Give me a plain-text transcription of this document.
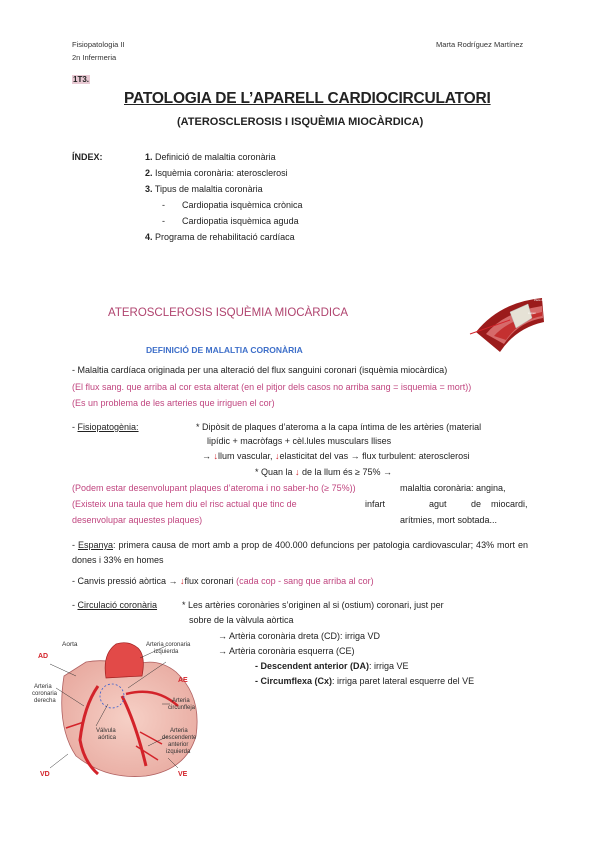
Fisiopatologia II
2n Infermeria
Marta Rodríguez Martínez
1T3.
PATOLOGIA DE L’APARELL CARDIOCIRCULATORI
(ATEROSCLEROSIS I ISQUÈMIA MIOCÀRDICA)
ÍNDEX:	1. Definició de malaltia coronària
2. Isquèmia coronària: aterosclerosi
3. Tipus de malaltia coronària
- Cardiopatia isquèmica crònica
- Cardiopatia isquèmica aguda
4. Programa de rehabilitació cardíaca
ATEROSCLEROSIS ISQUÈMIA MIOCÀRDICA
DEFINICIÓ DE MALALTIA CORONÀRIA
Placa de ateroma
Lumen
- Malaltia cardíaca originada per una alteració del flux sanguini coronari (isquèmia miocàrdica)
(El flux sang. que arriba al cor esta alterat (en el pitjor dels casos no arriba sang = isquemia = mort))
(Es un problema de les arteries que irriguen el cor)
- Fisiopatogènia:	* Dipòsit de plaques d’ateroma a la capa íntima de les artèries (material
lipídic + macròfags + cèl.lules musculars llises
→ ↓llum vascular, ↓elasticitat del vas → flux turbulent: aterosclerosi
* Quan la ↓ de la llum és ≥ 75% →
(Podem estar desenvolupant plaques d’ateroma i no saber-ho (≥ 75%))
(Existeix una taula que hem diu el risc actual que tinc de
desenvolupar aquestes plaques)
malaltia coronària: angina,
infart	agut	de miocardi,
arítmies, mort sobtada...
- Espanya: primera causa de mort amb a prop de 400.000 defuncions per patologia cardiovascular; 43% mort en dones i 33% en homes
- Canvis pressió aòrtica → ↓flux coronari (cada cop - sang que arriba al cor)
- Circulació coronària	* Les artèries coronàries s’originen al si (ostium) coronari, just per
sobre de la vàlvula aòrtica
→ Artèria coronària dreta (CD): irriga VD
→ Artèria coronària esquerra (CE)
- Descendent anterior (DA): irriga VE
- Circumflexa (Cx): irriga paret lateral esquerre del VE
AD
Aorta
Arteria
coronaria
derecha
Arteria coronaria
izquierda
AE
Arteria
circunfleja
Válvula
aórtica
Arteria
descendente
anterior
izquierda
VD	VE
